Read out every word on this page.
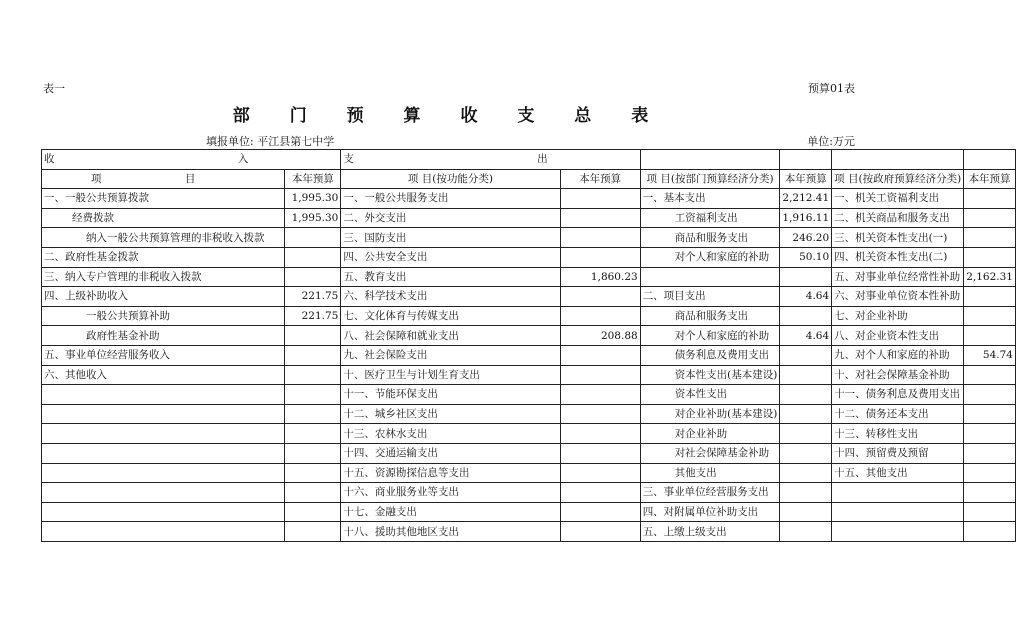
表一	预算01表
部 门 预 算 收 支 总 表
填报单位: 平江县第七中学	单位:万元
收 入		支 出					
项 目	本年预算	项 目(按功能分类)	本年预算	项 目(按部门预算经济分类)	本年预算	项 目(按政府预算经济分类)	本年预算
一、一般公共预算拨款	1,995.30	一、一般公共服务支出		一、基本支出	2,212.41	一、机关工资福利支出	
经费拨款	1,995.30	二、外交支出		工资福利支出	1,916.11	二、机关商品和服务支出	
纳入一般公共预算管理的非税收入拨款		三、国防支出		商品和服务支出	246.20	三、机关资本性支出(一)	
二、政府性基金拨款		四、公共安全支出		对个人和家庭的补助	50.10	四、机关资本性支出(二)	
三、纳入专户管理的非税收入拨款		五、教育支出	1,860.23			五、对事业单位经常性补助	2,162.31
四、上级补助收入	221.75	六、科学技术支出		二、项目支出	4.64	六、对事业单位资本性补助	
一般公共预算补助	221.75	七、文化体育与传媒支出		商品和服务支出		七、对企业补助	
政府性基金补助		八、社会保障和就业支出	208.88	对个人和家庭的补助	4.64	八、对企业资本性支出	
五、事业单位经营服务收入		九、社会保险支出		债务利息及费用支出		九、对个人和家庭的补助	54.74
六、其他收入		十、医疗卫生与计划生育支出		资本性支出(基本建设)		十、对社会保障基金补助	
		十一、节能环保支出		资本性支出		十一、债务利息及费用支出	
		十二、城乡社区支出		对企业补助(基本建设)		十二、债务还本支出	
		十三、农林水支出		对企业补助		十三、转移性支出	
		十四、交通运输支出		对社会保障基金补助		十四、预留费及预留	
		十五、资源勘探信息等支出		其他支出		十五、其他支出	
		十六、商业服务业等支出		三、事业单位经营服务支出			
		十七、金融支出		四、对附属单位补助支出			
		十八、援助其他地区支出		五、上缴上级支出			
